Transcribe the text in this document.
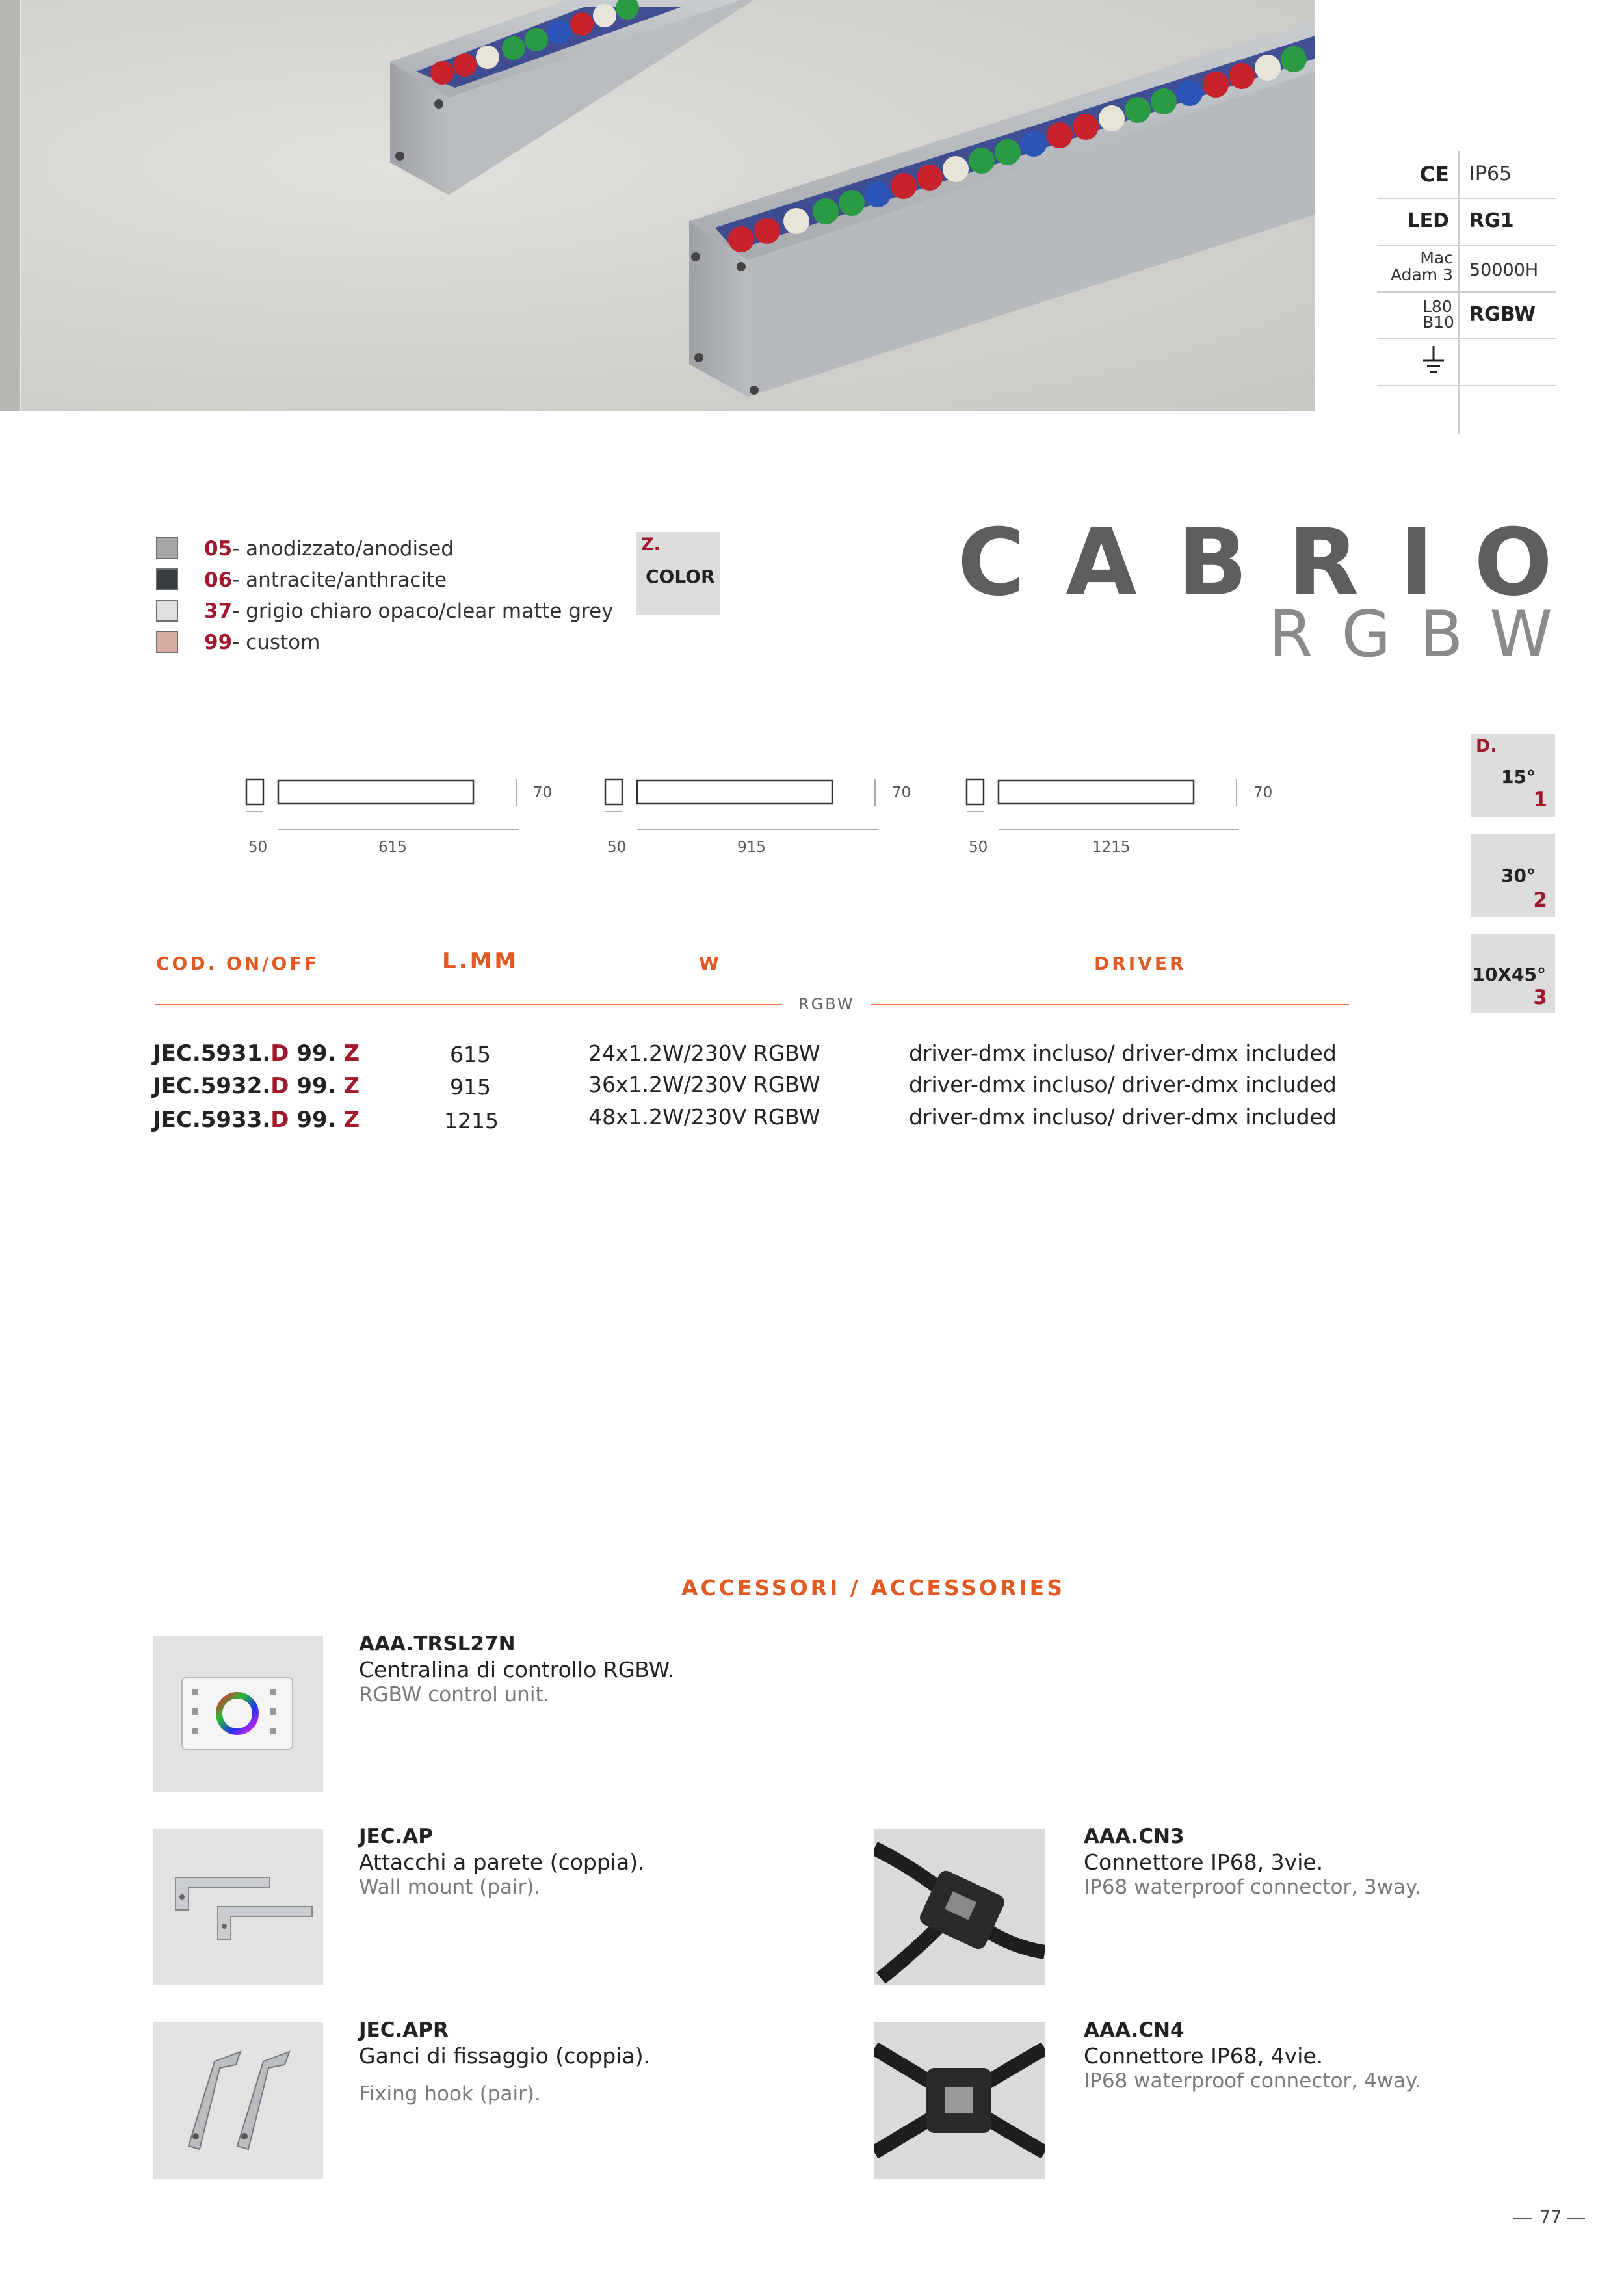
CE	IP65
LED	RG1
Mac Adam 3 50000H
L80 B10 RGBW
05- anodizzato/anodised
06- antracite/anthracite
37- grigio chiaro opaco/clear matte grey
99- custom
Z.
COLOR	CABRIO
RGBW
D.
15°
1
30°
2
10X45°
3
70
50	615
70
50	915
70
50	1215
COD. ON/OFF	L.MM	W	DRIVER
RGBW
JEC.5931.D 99. Z	615	24x1.2W/230V RGBW	driver-dmx incluso/ driver-dmx included
JEC.5932.D 99. Z	915	36x1.2W/230V RGBW	driver-dmx incluso/ driver-dmx included
JEC.5933.D 99. Z	1215	48x1.2W/230V RGBW	driver-dmx incluso/ driver-dmx included
ACCESSORI / ACCESSORIES
AAA.TRSL27N
Centralina di controllo RGBW.
RGBW control unit.
JEC.AP
Attacchi a parete (coppia).
Wall mount (pair).
JEC.APR
Ganci di fissaggio (coppia).
Fixing hook (pair).
AAA.CN3
Connettore IP68, 3vie.
IP68 waterproof connector, 3way.
AAA.CN4
Connettore IP68, 4vie.
IP68 waterproof connector, 4way.
77
